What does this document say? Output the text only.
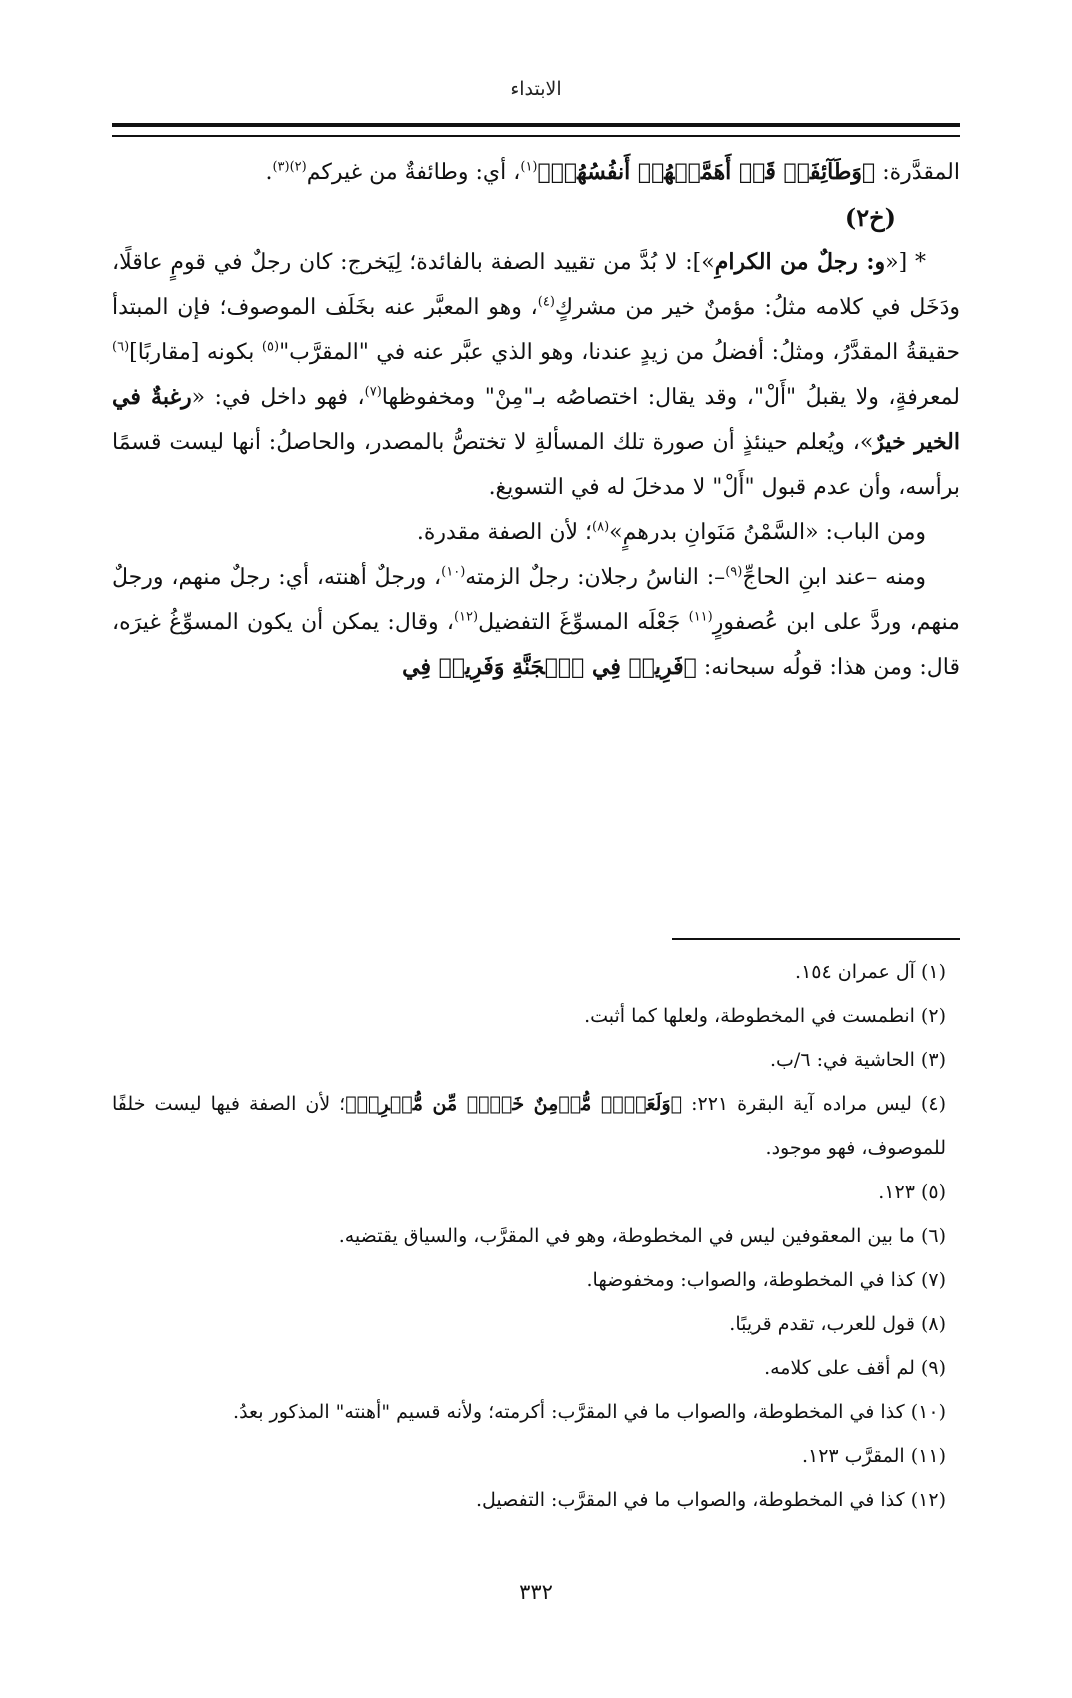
الابتداء

المقدَّرة: ﴿وَطَآئِفَةٞ قَدۡ أَهَمَّتۡهُمۡ أَنفُسُهُمۡ﴾$^{(١)}$، أي: وطائفةٌ من غيركم$^{(٢)(٣)}$.

(خ٢)

* [«و: رجلٌ من الكرامِ»]: لا بُدَّ من تقييد الصفة بالفائدة؛ لِيَخرج: كان رجلٌ في قومٍ عاقلًا، ودَخَل في كلامه مثلُ: مؤمنٌ خير من مشركٍ$^{(٤)}$، وهو المعبَّر عنه بخَلَف الموصوف؛ فإن المبتدأ حقيقةُ المقدَّرُ، ومثلُ: أفضلُ من زيدٍ عندنا، وهو الذي عبَّر عنه في "المقرَّب"$^{(٥)}$ بكونه [مقاربًا]$^{(٦)}$ لمعرفةٍ، ولا يقبلُ "أَلْ"، وقد يقال: اختصاصُه بـ"مِنْ" ومخفوظها$^{(٧)}$، فهو داخل في: «رغبةٌ في الخير خيرٌ»، ويُعلم حينئذٍ أن صورة تلك المسألةِ لا تختصُّ بالمصدر، والحاصلُ: أنها ليست قسمًا برأسه، وأن عدم قبول "أَلْ" لا مدخلَ له في التسويغ.

ومن الباب: «السَّمْنُ مَنَوانِ بدرهمٍ»$^{(٨)}$؛ لأن الصفة مقدرة.

ومنه –عند ابنِ الحاجِّ$^{(٩)}$–: الناسُ رجلان: رجلٌ الزمته$^{(١٠)}$، ورجلٌ أهنته، أي: رجلٌ منهم، ورجلٌ منهم، وردَّ على ابن عُصفورٍ$^{(١١)}$ جَعْلَه المسوِّغَ التفضيل$^{(١٢)}$، وقال: يمكن أن يكون المسوِّغُ غيرَه، قال: ومن هذا: قولُه سبحانه: ﴿فَرِيقٞ فِي ٱلۡجَنَّةِ وَفَرِيقٞ فِي

(١) آل عمران ١٥٤.

(٢) انطمست في المخطوطة، ولعلها كما أثبت.

(٣) الحاشية في: ٦/ب.

(٤) ليس مراده آية البقرة ٢٢١: ﴿وَلَعَبۡدٞ مُّؤۡمِنٌ خَيۡرٞ مِّن مُّشۡرِكٖ﴾؛ لأن الصفة فيها ليست خلفًا للموصوف، فهو موجود.

(٥) ١٢٣.

(٦) ما بين المعقوفين ليس في المخطوطة، وهو في المقرَّب، والسياق يقتضيه.

(٧) كذا في المخطوطة، والصواب: ومخفوضها.

(٨) قول للعرب، تقدم قريبًا.

(٩) لم أقف على كلامه.

(١٠) كذا في المخطوطة، والصواب ما في المقرَّب: أكرمته؛ ولأنه قسيم "أهنته" المذكور بعدُ.

(١١) المقرَّب ١٢٣.

(١٢) كذا في المخطوطة، والصواب ما في المقرَّب: التفصيل.

٣٣٢
